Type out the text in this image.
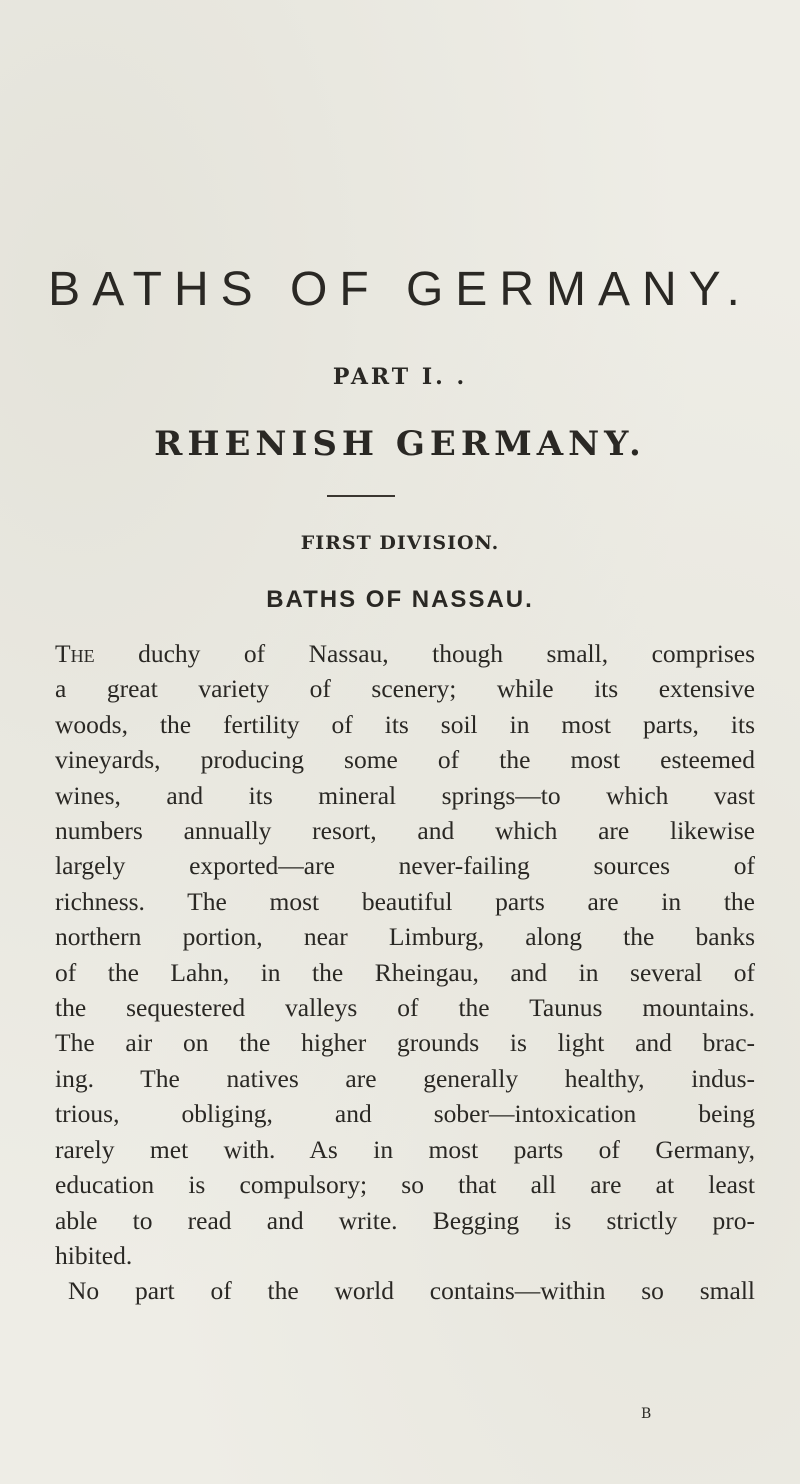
BATHS OF GERMANY.
PART I. .
RHENISH GERMANY.
FIRST DIVISION.
BATHS OF NASSAU.
The duchy of Nassau, though small, comprises
a great variety of scenery; while its extensive
woods, the fertility of its soil in most parts, its
vineyards, producing some of the most esteemed
wines, and its mineral springs—to which vast
numbers annually resort, and which are likewise
largely exported—are never-failing sources of
richness. The most beautiful parts are in the
northern portion, near Limburg, along the banks
of the Lahn, in the Rheingau, and in several of
the sequestered valleys of the Taunus mountains.
The air on the higher grounds is light and brac-
ing. The natives are generally healthy, indus-
trious, obliging, and sober—intoxication being
rarely met with. As in most parts of Germany,
education is compulsory; so that all are at least
able to read and write. Begging is strictly pro-
hibited.
No part of the world contains—within so small

B
